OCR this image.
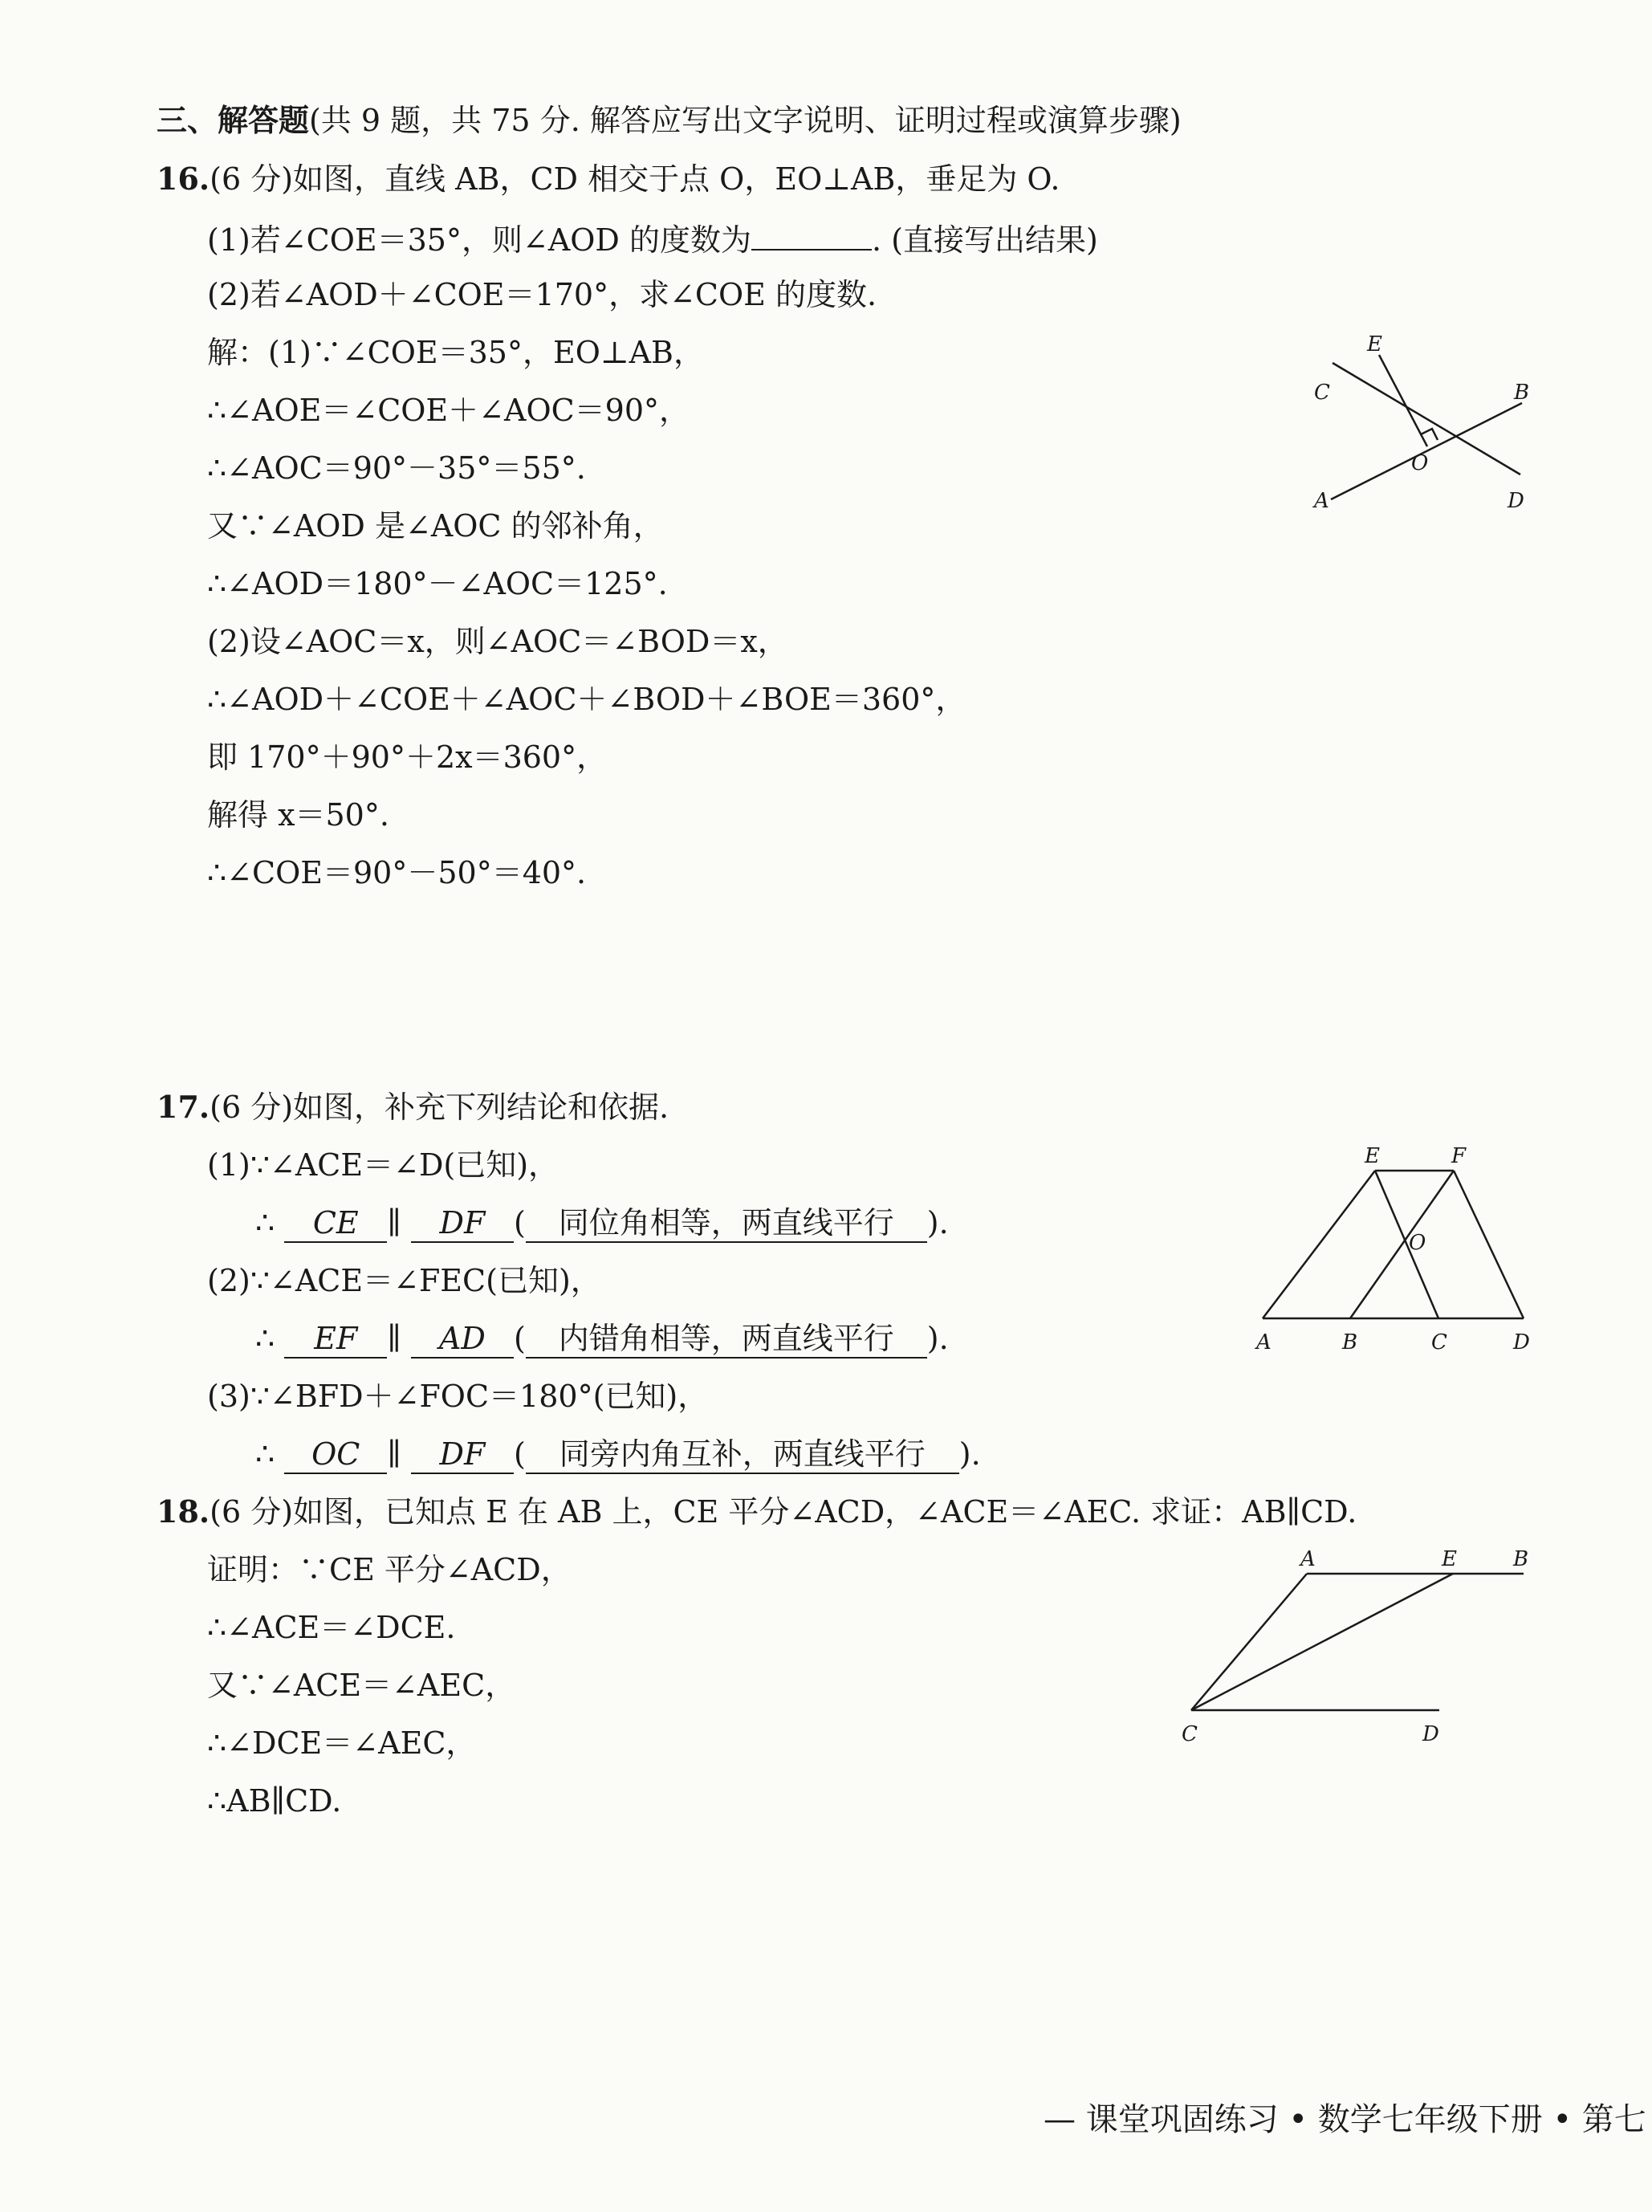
三、解答题(共 9 题，共 75 分. 解答应写出文字说明、证明过程或演算步骤)
16.(6 分)如图，直线 AB，CD 相交于点 O，EO⊥AB，垂足为 O.
(1)若∠COE＝35°，则∠AOD 的度数为	. (直接写出结果)
(2)若∠AOD＋∠COE＝170°，求∠COE 的度数.
解：(1)∵∠COE＝35°，EO⊥AB，
∴∠AOE＝∠COE＋∠AOC＝90°，
∴∠AOC＝90°－35°＝55°.
又∵∠AOD 是∠AOC 的邻补角，
∴∠AOD＝180°－∠AOC＝125°.
(2)设∠AOC＝x，则∠AOC＝∠BOD＝x，
∴∠AOD＋∠COE＋∠AOC＋∠BOD＋∠BOE＝360°，
即 170°＋90°＋2x＝360°，
解得 x＝50°.
∴∠COE＝90°－50°＝40°.
E
C	B
O
A	D
17.(6 分)如图，补充下列结论和依据.
(1)∵∠ACE＝∠D(已知)，
∴ CE ∥ DF ( 同位角相等，两直线平行 ).
(2)∵∠ACE＝∠FEC(已知)，
∴ EF ∥ AD ( 内错角相等，两直线平行 ).
(3)∵∠BFD＋∠FOC＝180°(已知)，
∴ OC ∥ DF ( 同旁内角互补，两直线平行 ).
E	F
O
A	B	C	D
18.(6 分)如图，已知点 E 在 AB 上，CE 平分∠ACD，∠ACE＝∠AEC. 求证：AB∥CD.
证明：∵CE 平分∠ACD，
∴∠ACE＝∠DCE.
又∵∠ACE＝∠AEC，
∴∠DCE＝∠AEC，
∴AB∥CD.
A	E	B
C	D
— 课堂巩固练习 • 数学七年级下册 • 第七
